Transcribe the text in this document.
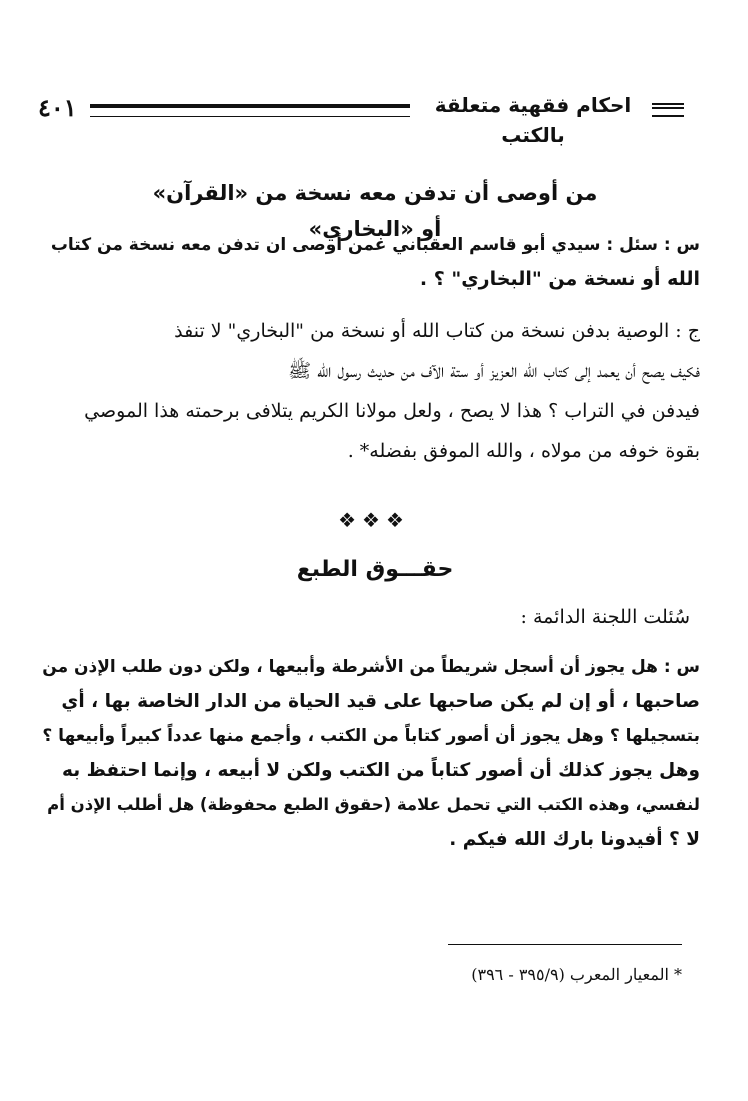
٤٠١	احكام فقهية متعلقة بالكتب
من أوصى أن تدفن معه نسخة من «القرآن» أو «البخاري»
س : سئل : سيدي أبو قاسم العقباني عمن أوصى ان تدفن معه نسخة من كتاب
الله أو نسخة من "البخاري" ؟ .
ج : الوصية بدفن نسخة من كتاب الله أو نسخة من "البخاري" لا تنفذ
فكيف يصح أن يعمد إلى كتاب الله العزيز أو ستة الآف من حديث رسول الله ﷺ
فيدفن في التراب ؟ هذا لا يصح ، ولعل مولانا الكريم يتلافى برحمته هذا الموصي
بقوة خوفه من مولاه ، والله الموفق بفضله* .
❖❖❖
حقـــوق الطبع
سُئلت اللجنة الدائمة :
س : هل يجوز أن أسجل شريطاً من الأشرطة وأبيعها ، ولكن دون طلب الإذن من
صاحبها ، أو إن لم يكن صاحبها على قيد الحياة من الدار الخاصة بها ، أي
بتسجيلها ؟ وهل يجوز أن أصور كتاباً من الكتب ، وأجمع منها عدداً كبيراً وأبيعها ؟
وهل يجوز كذلك أن أصور كتاباً من الكتب ولكن لا أبيعه ، وإنما احتفظ به
لنفسي، وهذه الكتب التي تحمل علامة (حقوق الطبع محفوظة) هل أطلب الإذن أم
لا ؟ أفيدونا بارك الله فيكم .
* المعيار المعرب (٣٩٥/٩ - ٣٩٦)
